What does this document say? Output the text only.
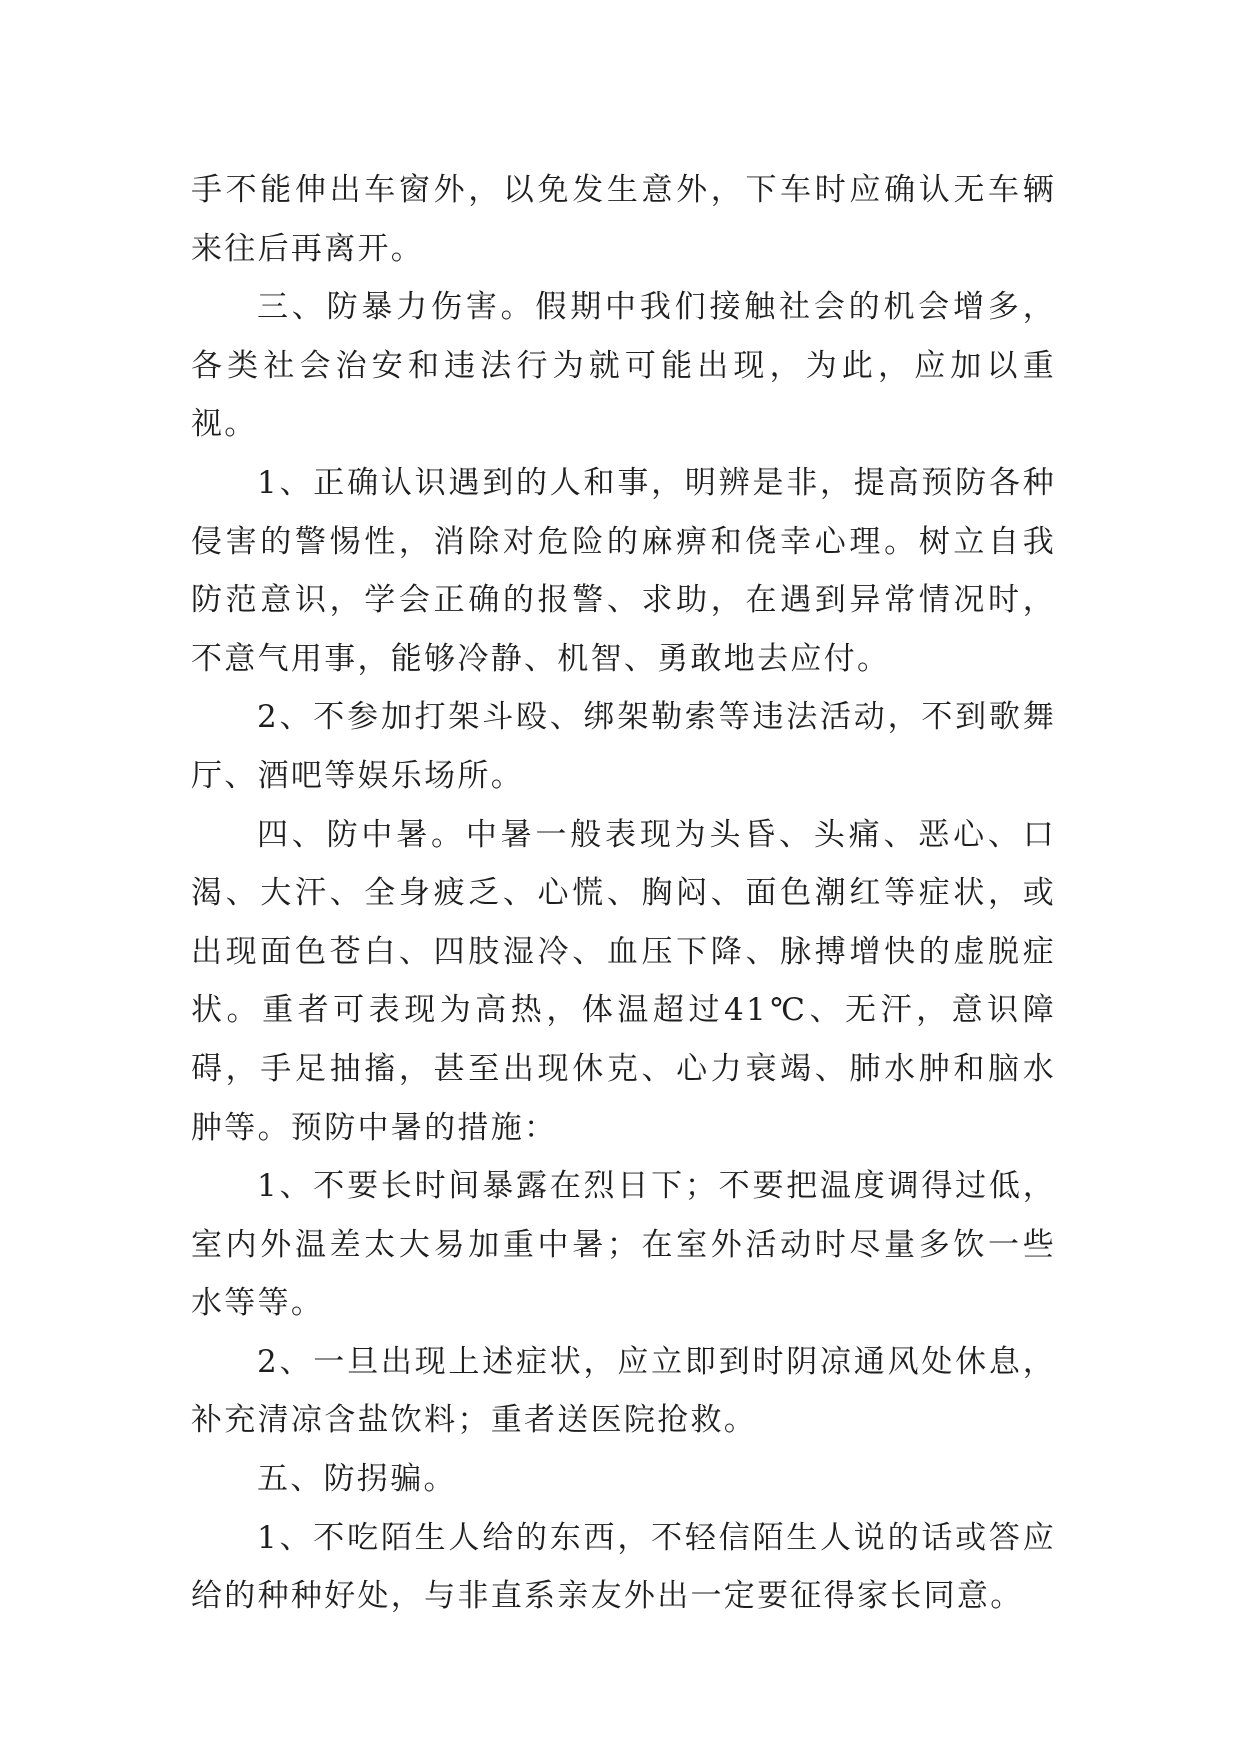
手不能伸出车窗外，以免发生意外，下车时应确认无车辆来往后再离开。

三、防暴力伤害。假期中我们接触社会的机会增多，各类社会治安和违法行为就可能出现，为此，应加以重视。

1、正确认识遇到的人和事，明辨是非，提高预防各种侵害的警惕性，消除对危险的麻痹和侥幸心理。树立自我防范意识，学会正确的报警、求助，在遇到异常情况时，不意气用事，能够冷静、机智、勇敢地去应付。

2、不参加打架斗殴、绑架勒索等违法活动，不到歌舞厅、酒吧等娱乐场所。

四、防中暑。中暑一般表现为头昏、头痛、恶心、口渴、大汗、全身疲乏、心慌、胸闷、面色潮红等症状，或出现面色苍白、四肢湿冷、血压下降、脉搏增快的虚脱症状。重者可表现为高热，体温超过41℃、无汗，意识障碍，手足抽搐，甚至出现休克、心力衰竭、肺水肿和脑水肿等。预防中暑的措施：

1、不要长时间暴露在烈日下；不要把温度调得过低，室内外温差太大易加重中暑；在室外活动时尽量多饮一些水等等。

2、一旦出现上述症状，应立即到时阴凉通风处休息，补充清凉含盐饮料；重者送医院抢救。

五、防拐骗。

1、不吃陌生人给的东西，不轻信陌生人说的话或答应给的种种好处，与非直系亲友外出一定要征得家长同意。
